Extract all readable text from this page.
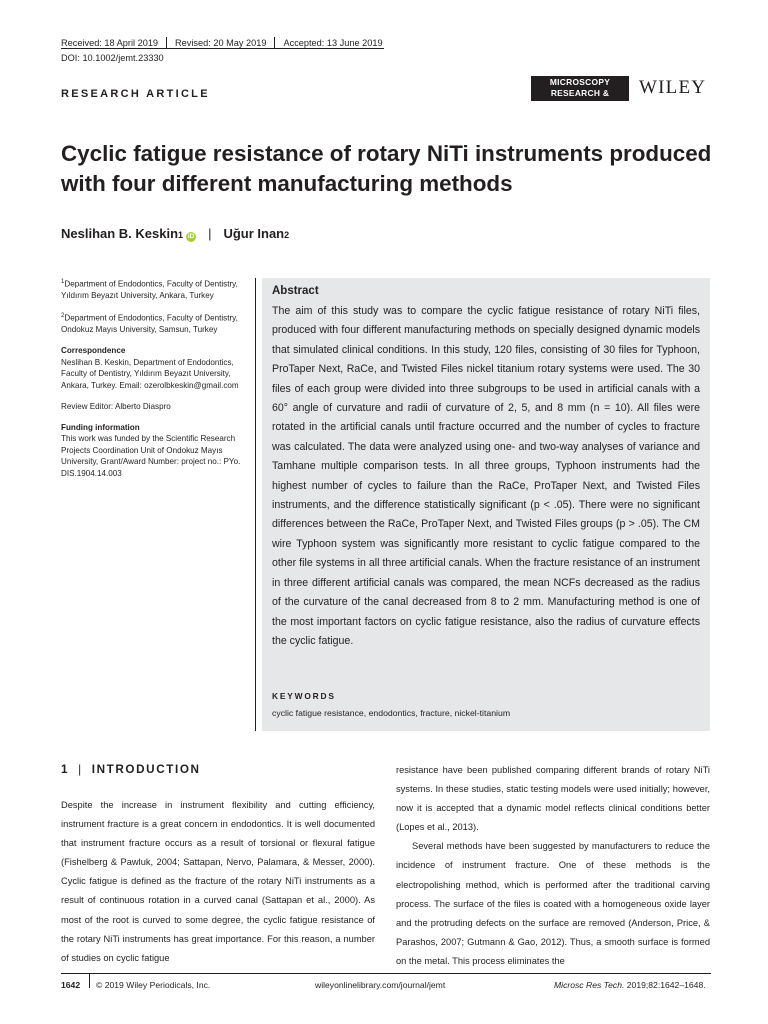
Received: 18 April 2019	Revised: 20 May 2019	Accepted: 13 June 2019
DOI: 10.1002/jemt.23330
RESEARCH ARTICLE
MICROSCOPY
RESEARCH & TECHNIQUE
WILEY
Cyclic fatigue resistance of rotary NiTi instruments produced with four different manufacturing methods
Neslihan B. Keskin 1 iD	| Uğur Inan 2

$^1$Department of Endodontics, Faculty of Dentistry, Yıldırım Beyazıt University, Ankara, Turkey

$^2$Department of Endodontics, Faculty of Dentistry, Ondokuz Mayıs University, Samsun, Turkey

Correspondence

Neslihan B. Keskin, Department of Endodontics, Faculty of Dentistry, Yıldırım Beyazıt University, Ankara, Turkey. Email: ozerolbkeskin@gmail.com

Review Editor: Alberto Diaspro

Funding information

This work was funded by the Scientific Research Projects Coordination Unit of Ondokuz Mayıs University, Grant/Award Number: project no.: PYo. DIS.1904.14.003

Abstract
The aim of this study was to compare the cyclic fatigue resistance of rotary NiTi files, produced with four different manufacturing methods on specially designed dynamic models that simulated clinical conditions. In this study, 120 files, consisting of 30 files for Typhoon, ProTaper Next, RaCe, and Twisted Files nickel titanium rotary systems were used. The 30 files of each group were divided into three subgroups to be used in artificial canals with a 60° angle of curvature and radii of curvature of 2, 5, and 8 mm (n = 10). All files were rotated in the artificial canals until fracture occurred and the number of cycles to fracture was calculated. The data were analyzed using one- and two-way analyses of variance and Tamhane multiple comparison tests. In all three groups, Typhoon instruments had the highest number of cycles to failure than the RaCe, ProTaper Next, and Twisted Files instruments, and the difference statistically significant (p < .05). There were no significant differences between the RaCe, ProTaper Next, and Twisted Files groups (p > .05). The CM wire Typhoon system was significantly more resistant to cyclic fatigue compared to the other file systems in all three artificial canals. When the fracture resistance of an instrument in three different artificial canals was compared, the mean NCFs decreased as the radius of the curvature of the canal decreased from 8 to 2 mm. Manufacturing method is one of the most important factors on cyclic fatigue resistance, also the radius of curvature effects the cyclic fatigue.
KEYWORDS
cyclic fatigue resistance, endodontics, fracture, nickel-titanium
1 | INTRODUCTION

Despite the increase in instrument flexibility and cutting efficiency, instrument fracture is a great concern in endodontics. It is well documented that instrument fracture occurs as a result of torsional or flexural fatigue (Fishelberg & Pawluk, 2004; Sattapan, Nervo, Palamara, & Messer, 2000). Cyclic fatigue is defined as the fracture of the rotary NiTi instruments as a result of continuous rotation in a curved canal (Sattapan et al., 2000). As most of the root is curved to some degree, the cyclic fatigue resistance of the rotary NiTi instruments has great importance. For this reason, a number of studies on cyclic fatigue

resistance have been published comparing different brands of rotary NiTi systems. In these studies, static testing models were used initially; however, now it is accepted that a dynamic model reflects clinical conditions better (Lopes et al., 2013).

Several methods have been suggested by manufacturers to reduce the incidence of instrument fracture. One of these methods is the electropolishing method, which is performed after the traditional carving process. The surface of the files is coated with a homogeneous oxide layer and the protruding defects on the surface are removed (Anderson, Price, & Parashos, 2007; Gutmann & Gao, 2012). Thus, a smooth surface is formed on the metal. This process eliminates the

1642 © 2019 Wiley Periodicals, Inc.	wileyonlinelibrary.com/journal/jemt	Microsc Res Tech. 2019;82:1642–1648.
